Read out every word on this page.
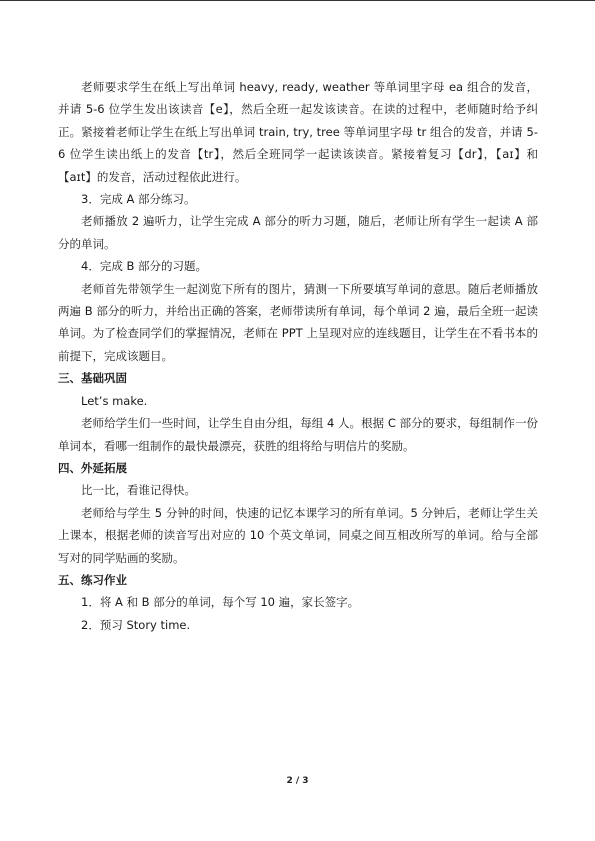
老师要求学生在纸上写出单词 heavy, ready, weather 等单词里字母 ea 组合的发音，并请 5-6 位学生发出该读音【e】，然后全班一起发该读音。在读的过程中，老师随时给予纠正。紧接着老师让学生在纸上写出单词 train, try, tree 等单词里字母 tr 组合的发音，并请 5-6 位学生读出纸上的发音【tr】，然后全班同学一起读该读音。紧接着复习【dr】，【aɪ】和【aɪt】的发音，活动过程依此进行。

3．完成 A 部分练习。

老师播放 2 遍听力，让学生完成 A 部分的听力习题，随后，老师让所有学生一起读 A 部分的单词。

4．完成 B 部分的习题。

老师首先带领学生一起浏览下所有的图片，猜测一下所要填写单词的意思。随后老师播放两遍 B 部分的听力，并给出正确的答案，老师带读所有单词，每个单词 2 遍，最后全班一起读单词。为了检查同学们的掌握情况，老师在 PPT 上呈现对应的连线题目，让学生在不看书本的前提下，完成该题目。

三、基础巩固

Let’s make.

老师给学生们一些时间，让学生自由分组，每组 4 人。根据 C 部分的要求，每组制作一份单词本，看哪一组制作的最快最漂亮，获胜的组将给与明信片的奖励。

四、外延拓展

比一比，看谁记得快。

老师给与学生 5 分钟的时间，快速的记忆本课学习的所有单词。5 分钟后，老师让学生关上课本，根据老师的读音写出对应的 10 个英文单词，同桌之间互相改所写的单词。给与全部写对的同学贴画的奖励。

五、练习作业

1．将 A 和 B 部分的单词，每个写 10 遍，家长签字。

2．预习 Story time.

2 / 3
